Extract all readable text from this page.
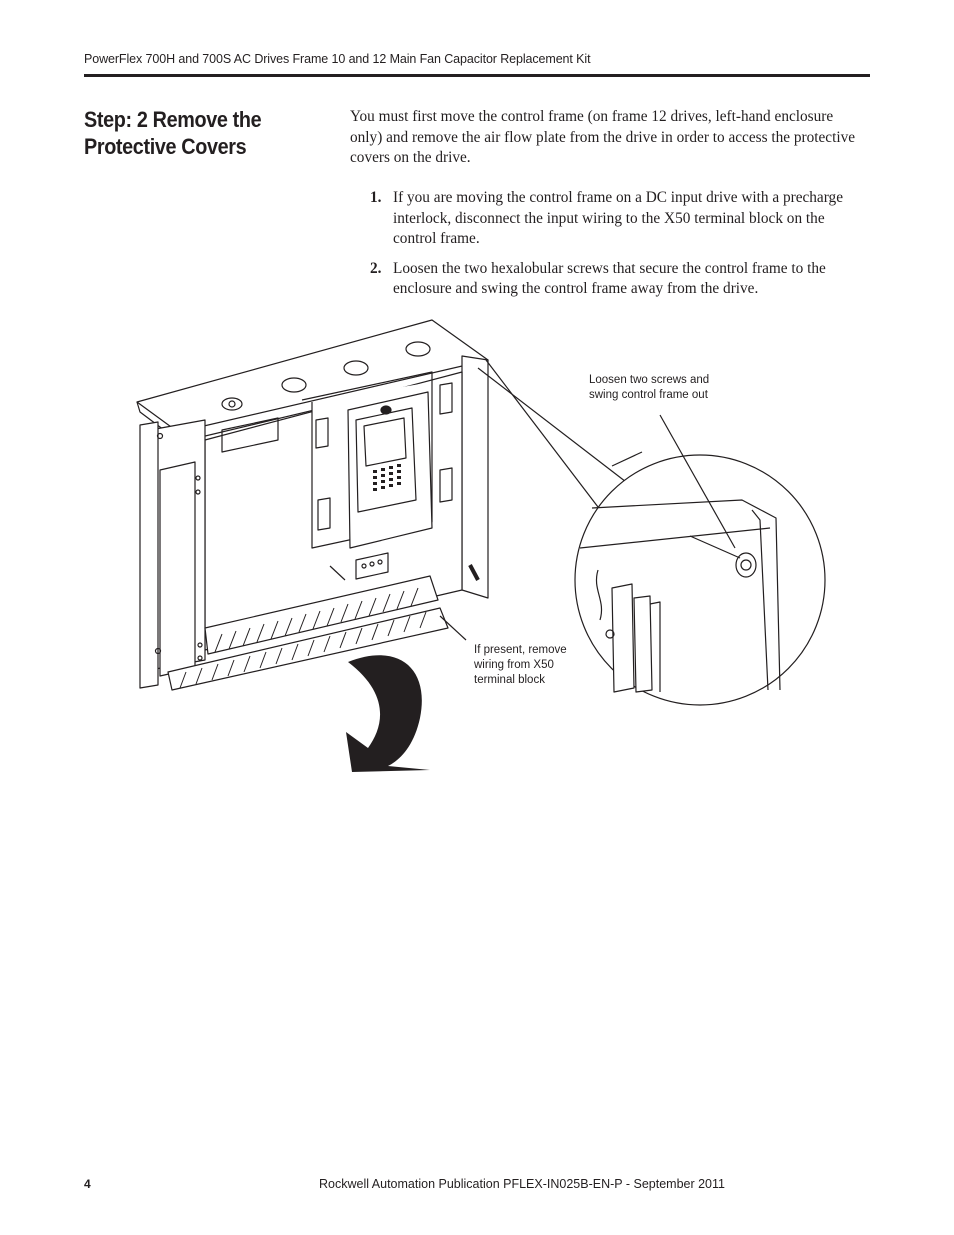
PowerFlex 700H and 700S AC Drives Frame 10 and 12 Main Fan Capacitor Replacement Kit
Step: 2 Remove the Protective Covers

You must first move the control frame (on frame 12 drives, left-hand enclosure only) and remove the air flow plate from the drive in order to access the protective covers on the drive.

1. If you are moving the control frame on a DC input drive with a precharge interlock, disconnect the input wiring to the X50 terminal block on the control frame.
2. Loosen the two hexalobular screws that secure the control frame to the enclosure and swing the control frame away from the drive.
Loosen two screws and swing control frame out
If present, remove wiring from X50 terminal block
4	Rockwell Automation Publication PFLEX-IN025B-EN-P - September 2011
